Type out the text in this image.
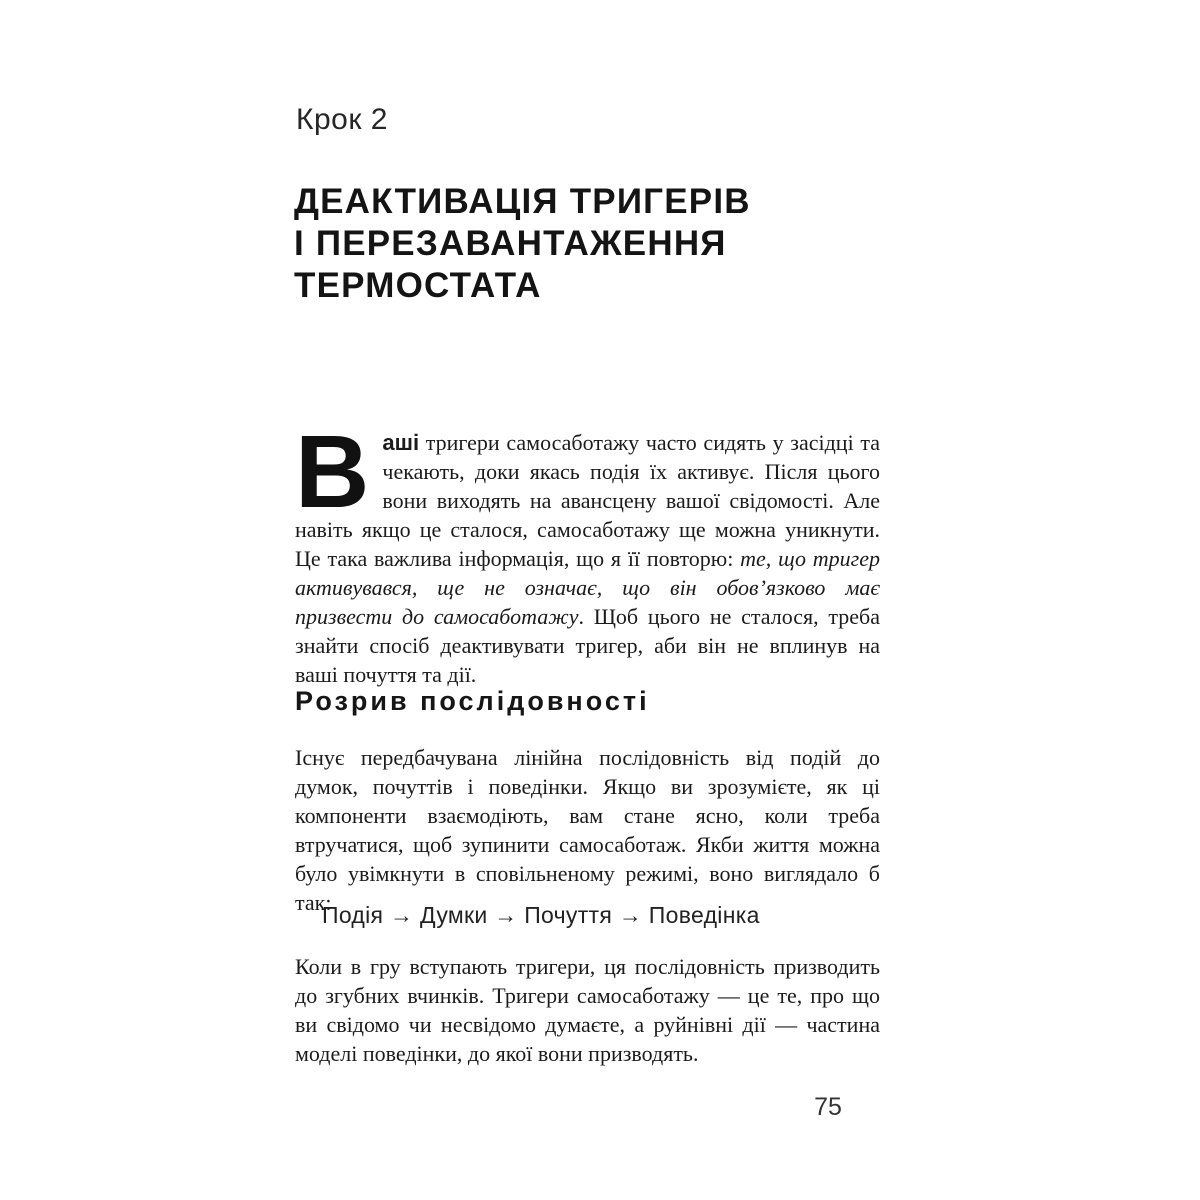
Крок 2
ДЕАКТИВАЦІЯ ТРИГЕРІВ
І ПЕРЕЗАВАНТАЖЕННЯ
ТЕРМОСТАТА

Ваші тригери самосаботажу часто сидять у засідці та чекають, доки якась подія їх активує. Після цього вони виходять на авансцену вашої свідомості. Але навіть якщо це сталося, самосаботажу ще можна уникнути. Це така важлива інформація, що я її повторю: те, що тригер активувався, ще не означає, що він обов’язково має призвести до самосаботажу. Щоб цього не сталося, треба знайти спосіб деактивувати тригер, аби він не вплинув на ваші почуття та дії.

Розрив послідовності

Існує передбачувана лінійна послідовність від подій до думок, почуттів і поведінки. Якщо ви зрозумієте, як ці компоненти взаємодіють, вам стане ясно, коли треба втручатися, щоб зупинити самосаботаж. Якби життя можна було увімкнути в сповільненому режимі, воно виглядало б так:

Подія → Думки → Почуття → Поведінка

Коли в гру вступають тригери, ця послідовність призводить до згубних вчинків. Тригери самосаботажу — це те, про що ви свідомо чи несвідомо думаєте, а руйнівні дії — частина моделі поведінки, до якої вони призводять.

75
